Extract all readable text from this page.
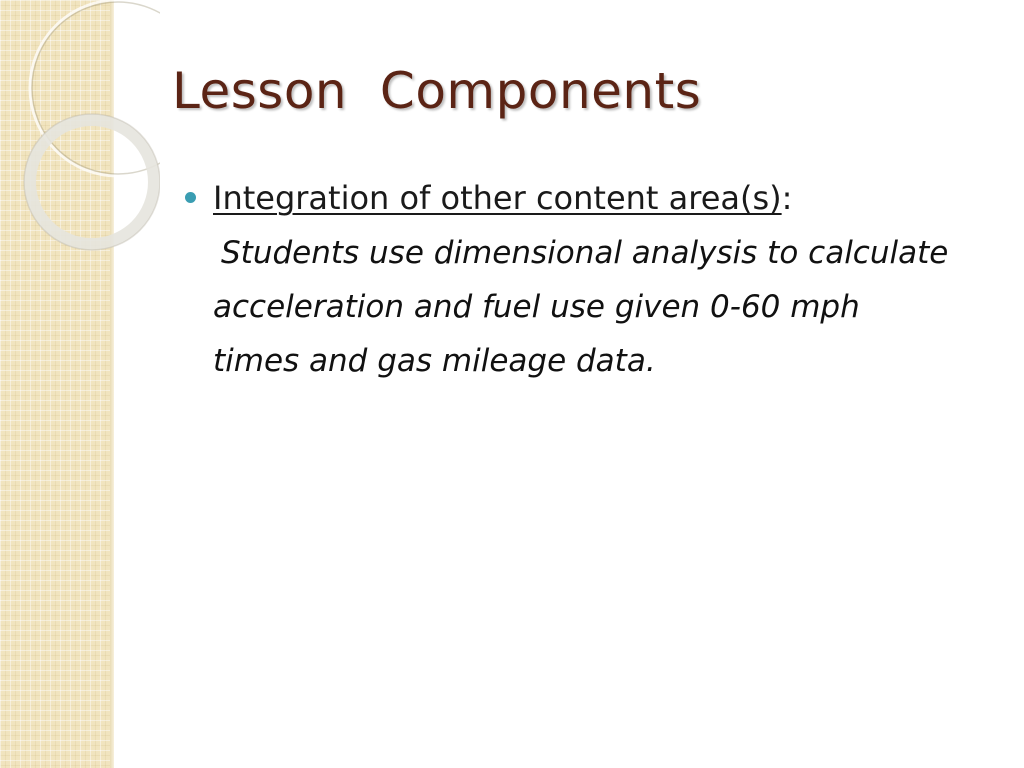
Lesson  Components
Integration of other content area(s):
Students use dimensional analysis to calculate acceleration and fuel use given 0-60 mph times and gas mileage data.
